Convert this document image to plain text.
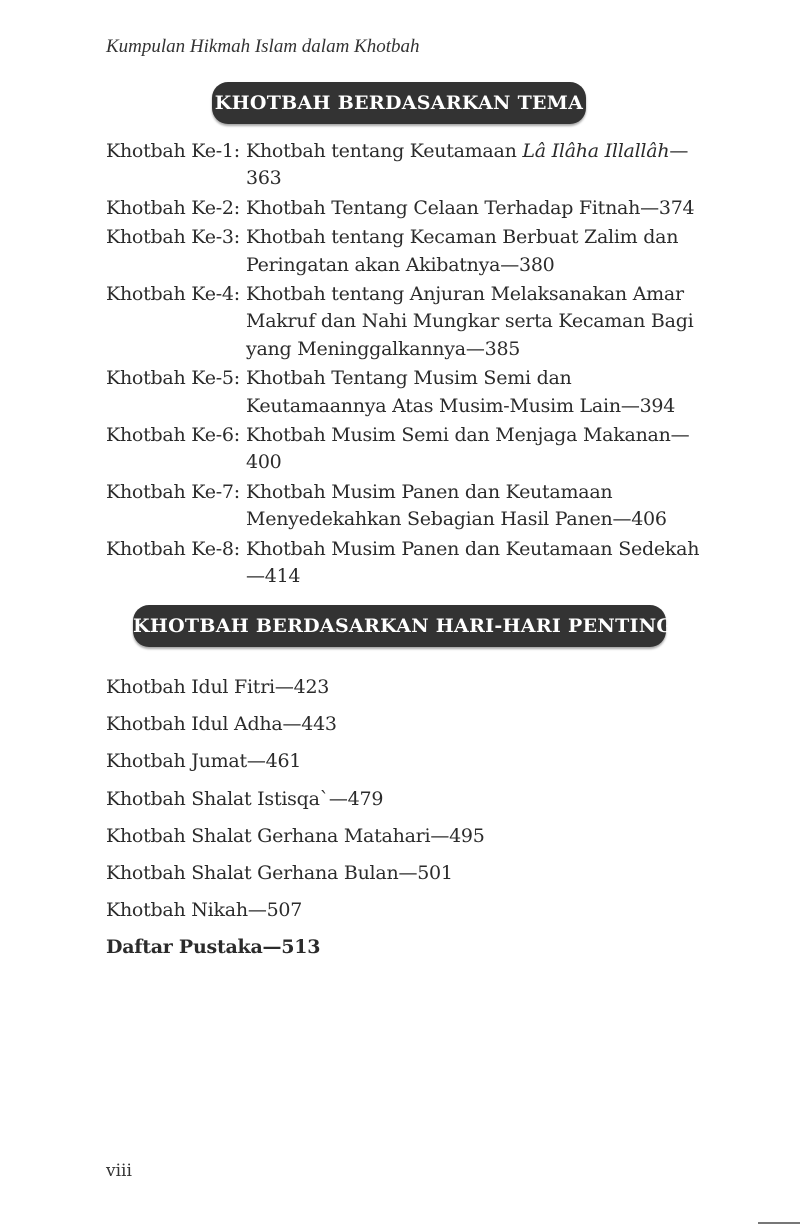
Kumpulan Hikmah Islam dalam Khotbah
KHOTBAH BERDASARKAN TEMA
Khotbah Ke-1: Khotbah tentang Keutamaan Lâ Ilâha Illallâh— 363
Khotbah Ke-2: Khotbah Tentang Celaan Terhadap Fitnah — 374
Khotbah Ke-3: Khotbah tentang Kecaman Berbuat Zalim dan Peringatan akan Akibatnya — 380
Khotbah Ke-4: Khotbah tentang Anjuran Melaksanakan Amar Makruf dan Nahi Mungkar serta Kecaman Bagi yang Meninggalkannya — 385
Khotbah Ke-5: Khotbah Tentang Musim Semi dan Keutamaannya Atas Musim-Musim Lain — 394
Khotbah Ke-6: Khotbah Musim Semi dan Menjaga Makanan— 400
Khotbah Ke-7: Khotbah Musim Panen dan Keutamaan Menyedekahkan Sebagian Hasil Panen — 406
Khotbah Ke-8: Khotbah Musim Panen dan Keutamaan Sedekah— 414
KHOTBAH BERDASARKAN HARI-HARI PENTING
Khotbah Idul Fitri — 423
Khotbah Idul Adha — 443
Khotbah Jumat — 461
Khotbah Shalat Istisqa` — 479
Khotbah Shalat Gerhana Matahari — 495
Khotbah Shalat Gerhana Bulan — 501
Khotbah Nikah — 507
Daftar Pustaka — 513
viii
